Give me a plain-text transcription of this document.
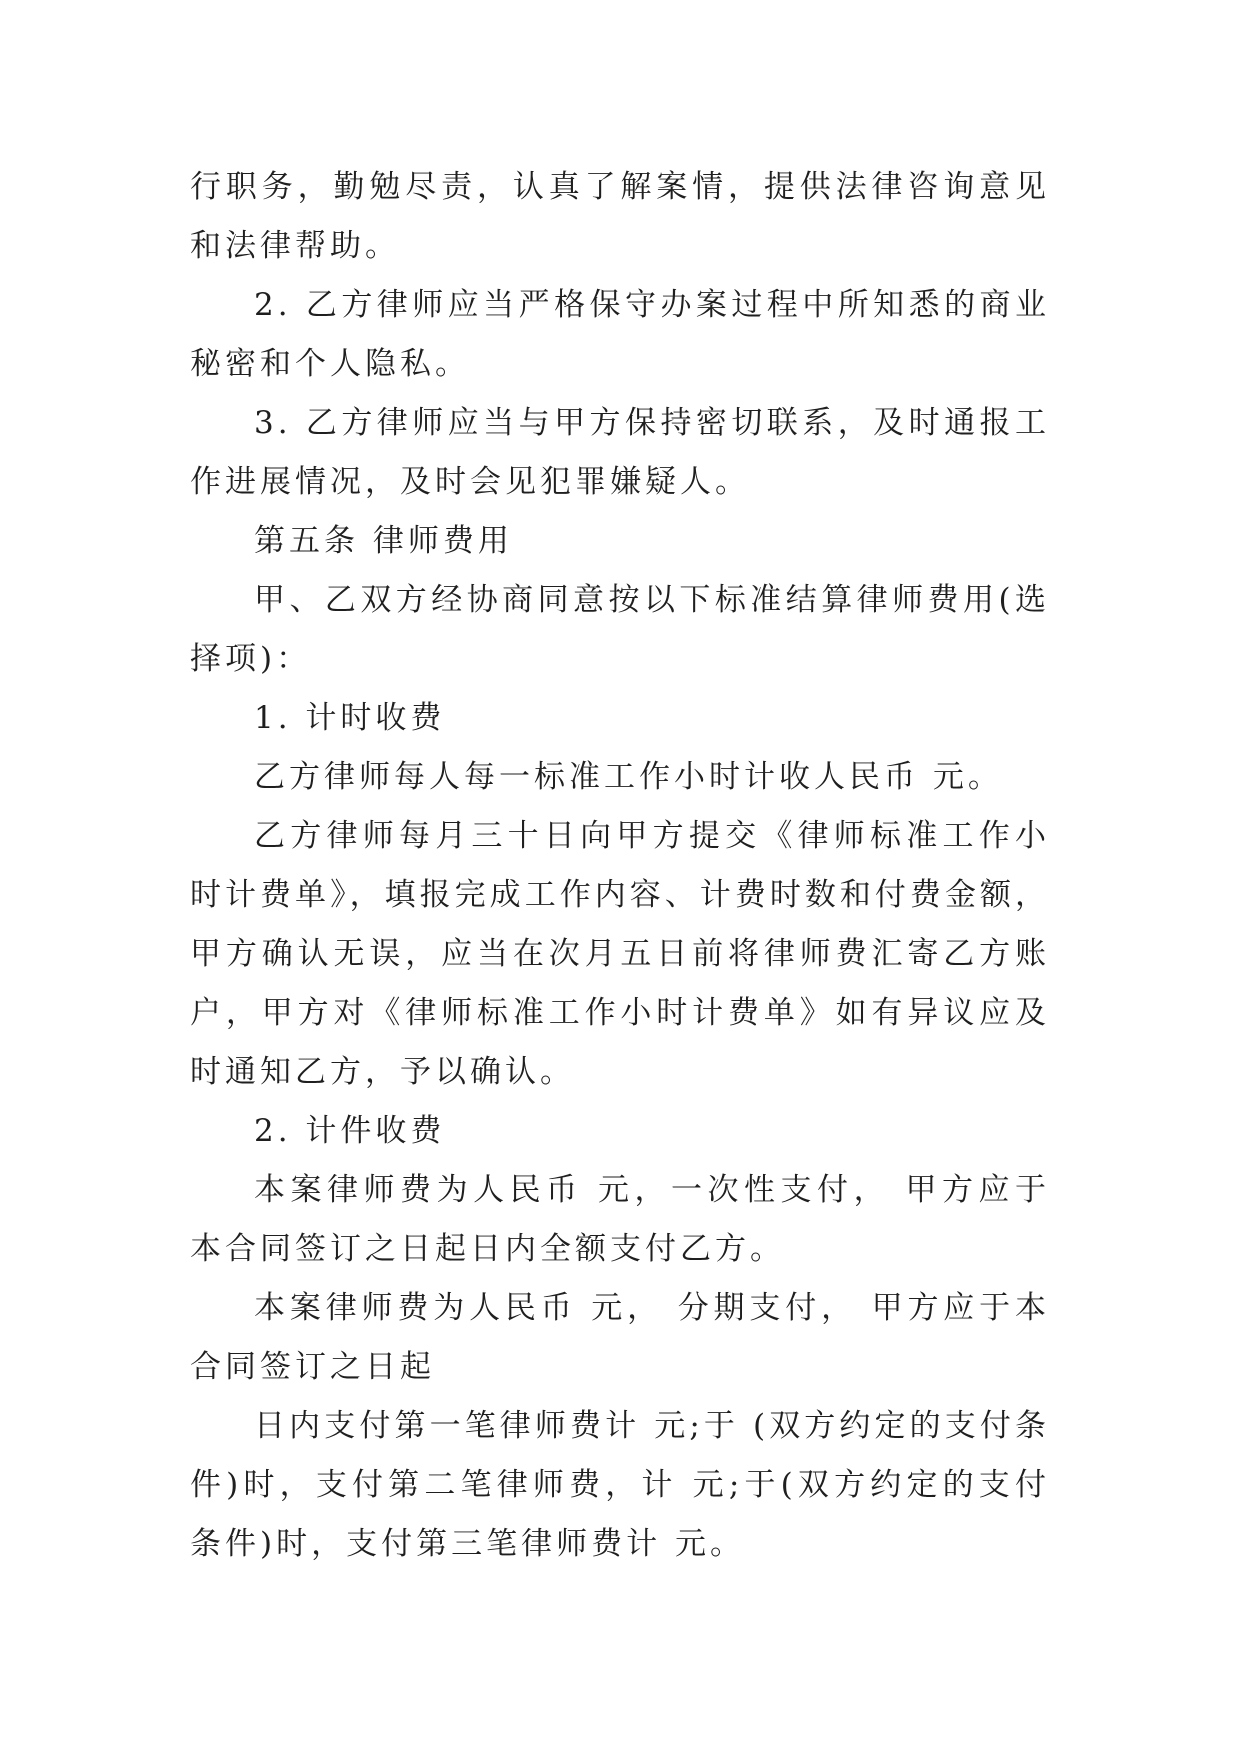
行职务，勤勉尽责，认真了解案情，提供法律咨询意见和法律帮助。

2. 乙方律师应当严格保守办案过程中所知悉的商业秘密和个人隐私。

3. 乙方律师应当与甲方保持密切联系，及时通报工作进展情况，及时会见犯罪嫌疑人。

第五条 律师费用

甲、乙双方经协商同意按以下标准结算律师费用(选择项)：

1. 计时收费

乙方律师每人每一标准工作小时计收人民币 元。

乙方律师每月三十日向甲方提交《律师标准工作小时计费单》，填报完成工作内容、计费时数和付费金额，甲方确认无误，应当在次月五日前将律师费汇寄乙方账户，甲方对《律师标准工作小时计费单》如有异议应及时通知乙方，予以确认。

2. 计件收费

本案律师费为人民币 元，一次性支付， 甲方应于本合同签订之日起日内全额支付乙方。

本案律师费为人民币 元， 分期支付， 甲方应于本合同签订之日起

日内支付第一笔律师费计 元;于 (双方约定的支付条件)时，支付第二笔律师费，计 元;于(双方约定的支付条件)时，支付第三笔律师费计 元。
